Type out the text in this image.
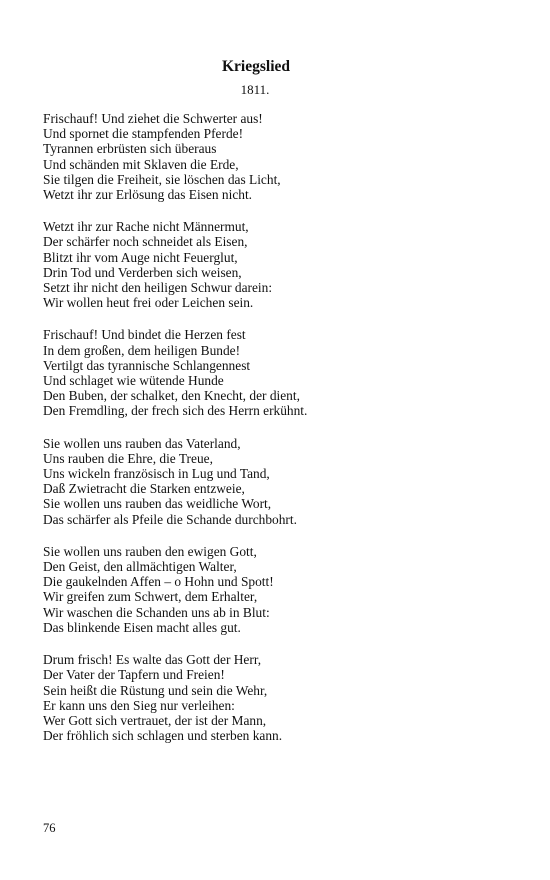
Kriegslied
1811.
Frischauf! Und ziehet die Schwerter aus!
Und spornet die stampfenden Pferde!
Tyrannen erbrüsten sich überaus
Und schänden mit Sklaven die Erde,
Sie tilgen die Freiheit, sie löschen das Licht,
Wetzt ihr zur Erlösung das Eisen nicht.
Wetzt ihr zur Rache nicht Männermut,
Der schärfer noch schneidet als Eisen,
Blitzt ihr vom Auge nicht Feuerglut,
Drin Tod und Verderben sich weisen,
Setzt ihr nicht den heiligen Schwur darein:
Wir wollen heut frei oder Leichen sein.
Frischauf! Und bindet die Herzen fest
In dem großen, dem heiligen Bunde!
Vertilgt das tyrannische Schlangennest
Und schlaget wie wütende Hunde
Den Buben, der schalket, den Knecht, der dient,
Den Fremdling, der frech sich des Herrn erkühnt.
Sie wollen uns rauben das Vaterland,
Uns rauben die Ehre, die Treue,
Uns wickeln französisch in Lug und Tand,
Daß Zwietracht die Starken entzweie,
Sie wollen uns rauben das weidliche Wort,
Das schärfer als Pfeile die Schande durchbohrt.
Sie wollen uns rauben den ewigen Gott,
Den Geist, den allmächtigen Walter,
Die gaukelnden Affen – o Hohn und Spott!
Wir greifen zum Schwert, dem Erhalter,
Wir waschen die Schanden uns ab in Blut:
Das blinkende Eisen macht alles gut.
Drum frisch! Es walte das Gott der Herr,
Der Vater der Tapfern und Freien!
Sein heißt die Rüstung und sein die Wehr,
Er kann uns den Sieg nur verleihen:
Wer Gott sich vertrauet, der ist der Mann,
Der fröhlich sich schlagen und sterben kann.
76
